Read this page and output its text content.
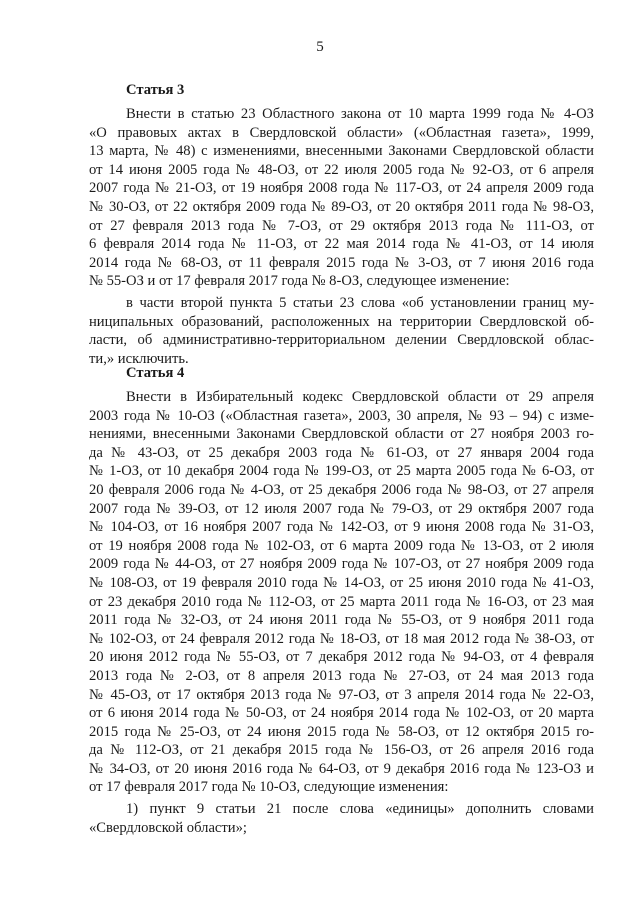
5
Статья 3
Внести в статью 23 Областного закона от 10 марта 1999 года № 4-ОЗ
«О правовых актах в Свердловской области» («Областная газета», 1999,
13 марта, № 48) с изменениями, внесенными Законами Свердловской области
от 14 июня 2005 года № 48-ОЗ, от 22 июля 2005 года № 92-ОЗ, от 6 апреля
2007 года № 21-ОЗ, от 19 ноября 2008 года № 117-ОЗ, от 24 апреля 2009 года
№ 30-ОЗ, от 22 октября 2009 года № 89-ОЗ, от 20 октября 2011 года № 98-ОЗ,
от 27 февраля 2013 года № 7-ОЗ, от 29 октября 2013 года № 111-ОЗ, от
6 февраля 2014 года № 11-ОЗ, от 22 мая 2014 года № 41-ОЗ, от 14 июля
2014 года № 68-ОЗ, от 11 февраля 2015 года № 3-ОЗ, от 7 июня 2016 года
№ 55-ОЗ и от 17 февраля 2017 года № 8-ОЗ, следующее изменение:
в части второй пункта 5 статьи 23 слова «об установлении границ му-
ниципальных образований, расположенных на территории Свердловской об-
ласти, об административно-территориальном делении Свердловской облас-
ти,» исключить.
Статья 4
Внести в Избирательный кодекс Свердловской области от 29 апреля
2003 года № 10-ОЗ («Областная газета», 2003, 30 апреля, № 93 – 94) с изме-
нениями, внесенными Законами Свердловской области от 27 ноября 2003 го-
да № 43-ОЗ, от 25 декабря 2003 года № 61-ОЗ, от 27 января 2004 года
№ 1-ОЗ, от 10 декабря 2004 года № 199-ОЗ, от 25 марта 2005 года № 6-ОЗ, от
20 февраля 2006 года № 4-ОЗ, от 25 декабря 2006 года № 98-ОЗ, от 27 апреля
2007 года № 39-ОЗ, от 12 июля 2007 года № 79-ОЗ, от 29 октября 2007 года
№ 104-ОЗ, от 16 ноября 2007 года № 142-ОЗ, от 9 июня 2008 года № 31-ОЗ,
от 19 ноября 2008 года № 102-ОЗ, от 6 марта 2009 года № 13-ОЗ, от 2 июля
2009 года № 44-ОЗ, от 27 ноября 2009 года № 107-ОЗ, от 27 ноября 2009 года
№ 108-ОЗ, от 19 февраля 2010 года № 14-ОЗ, от 25 июня 2010 года № 41-ОЗ,
от 23 декабря 2010 года № 112-ОЗ, от 25 марта 2011 года № 16-ОЗ, от 23 мая
2011 года № 32-ОЗ, от 24 июня 2011 года № 55-ОЗ, от 9 ноября 2011 года
№ 102-ОЗ, от 24 февраля 2012 года № 18-ОЗ, от 18 мая 2012 года № 38-ОЗ, от
20 июня 2012 года № 55-ОЗ, от 7 декабря 2012 года № 94-ОЗ, от 4 февраля
2013 года № 2-ОЗ, от 8 апреля 2013 года № 27-ОЗ, от 24 мая 2013 года
№ 45-ОЗ, от 17 октября 2013 года № 97-ОЗ, от 3 апреля 2014 года № 22-ОЗ,
от 6 июня 2014 года № 50-ОЗ, от 24 ноября 2014 года № 102-ОЗ, от 20 марта
2015 года № 25-ОЗ, от 24 июня 2015 года № 58-ОЗ, от 12 октября 2015 го-
да № 112-ОЗ, от 21 декабря 2015 года № 156-ОЗ, от 26 апреля 2016 года
№ 34-ОЗ, от 20 июня 2016 года № 64-ОЗ, от 9 декабря 2016 года № 123-ОЗ и
от 17 февраля 2017 года № 10-ОЗ, следующие изменения:
1) пункт 9 статьи 21 после слова «единицы» дополнить словами
«Свердловской области»;
